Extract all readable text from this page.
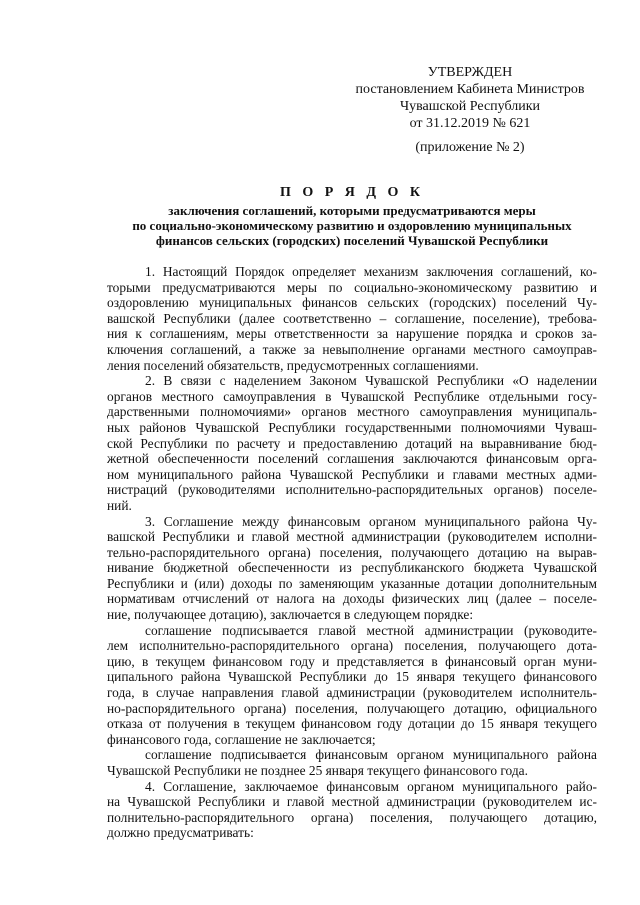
УТВЕРЖДЕН
постановлением Кабинета Министров
Чувашской Республики
от 31.12.2019 № 621
(приложение № 2)
П О Р Я Д О К
заключения соглашений, которыми предусматриваются меры
по социально-экономическому развитию и оздоровлению муниципальных
финансов сельских (городских) поселений Чувашской Республики
1. Настоящий Порядок определяет механизм заключения соглашений, ко-
торыми предусматриваются меры по социально-экономическому развитию и
оздоровлению муниципальных финансов сельских (городских) поселений Чу-
вашской Республики (далее соответственно – соглашение, поселение), требова-
ния к соглашениям, меры ответственности за нарушение порядка и сроков за-
ключения соглашений, а также за невыполнение органами местного самоуправ-
ления поселений обязательств, предусмотренных соглашениями.
2. В связи с наделением Законом Чувашской Республики «О наделении
органов местного самоуправления в Чувашской Республике отдельными госу-
дарственными полномочиями» органов местного самоуправления муниципаль-
ных районов Чувашской Республики государственными полномочиями Чуваш-
ской Республики по расчету и предоставлению дотаций на выравнивание бюд-
жетной обеспеченности поселений соглашения заключаются финансовым орга-
ном муниципального района Чувашской Республики и главами местных адми-
нистраций (руководителями исполнительно-распорядительных органов) поселе-
ний.
3. Соглашение между финансовым органом муниципального района Чу-
вашской Республики и главой местной администрации (руководителем исполни-
тельно-распорядительного органа) поселения, получающего дотацию на вырав-
нивание бюджетной обеспеченности из республиканского бюджета Чувашской
Республики и (или) доходы по заменяющим указанные дотации дополнительным
нормативам отчислений от налога на доходы физических лиц (далее – поселе-
ние, получающее дотацию), заключается в следующем порядке:
соглашение подписывается главой местной администрации (руководите-
лем исполнительно-распорядительного органа) поселения, получающего дота-
цию, в текущем финансовом году и представляется в финансовый орган муни-
ципального района Чувашской Республики до 15 января текущего финансового
года, в случае направления главой администрации (руководителем исполнитель-
но-распорядительного органа) поселения, получающего дотацию, официального
отказа от получения в текущем финансовом году дотации до 15 января текущего
финансового года, соглашение не заключается;
соглашение подписывается финансовым органом муниципального района
Чувашской Республики не позднее 25 января текущего финансового года.
4. Соглашение, заключаемое финансовым органом муниципального райо-
на Чувашской Республики и главой местной администрации (руководителем ис-
полнительно-распорядительного органа) поселения, получающего дотацию,
должно предусматривать:
